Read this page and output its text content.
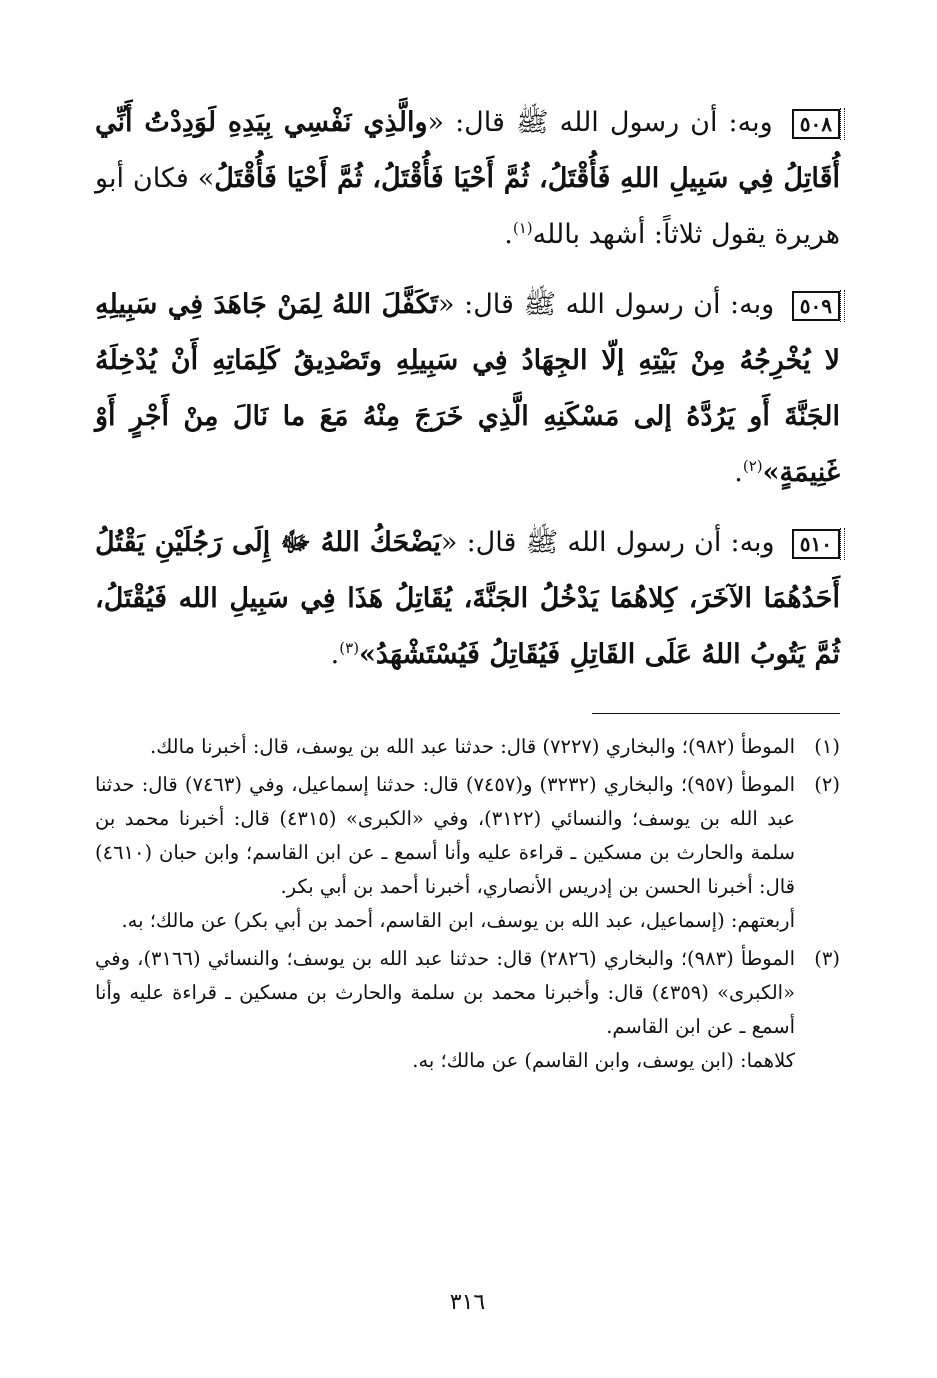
٥٠٨ وبه: أن رسول الله ﷺ قال: «والَّذِي نَفْسِي بِيَدِهِ لَوَدِدْتُ أَنِّي أُقَاتِلُ فِي سَبِيلِ اللهِ فَأُقْتَلُ، ثُمَّ أَحْيَا فَأُقْتَلُ، ثُمَّ أَحْيَا فَأُقْتَلُ» فكان أبو هريرة يقول ثلاثاً: أشهد بالله$^{(١)}$.

٥٠٩ وبه: أن رسول الله ﷺ قال: «تَكَفَّلَ اللهُ لِمَنْ جَاهَدَ فِي سَبِيلِهِ لا يُخْرِجُهُ مِنْ بَيْتِهِ إلّا الجِهَادُ فِي سَبِيلِهِ وتَصْدِيقُ كَلِمَاتِهِ أَنْ يُدْخِلَهُ الجَنَّةَ أَو يَرُدَّهُ إلى مَسْكَنِهِ الَّذِي خَرَجَ مِنْهُ مَعَ ما نَالَ مِنْ أَجْرٍ أَوْ غَنِيمَةٍ»$^{(٢)}$.

٥١٠ وبه: أن رسول الله ﷺ قال: «يَضْحَكُ اللهُ ﷻ إِلَى رَجُلَيْنِ يَقْتُلُ أَحَدُهُمَا الآخَرَ، كِلاهُمَا يَدْخُلُ الجَنَّةَ، يُقَاتِلُ هَذَا فِي سَبِيلِ الله فَيُقْتَلُ، ثُمَّ يَتُوبُ اللهُ عَلَى القَاتِلِ فَيُقَاتِلُ فَيُسْتَشْهَدُ»$^{(٣)}$.

(١)
الموطأ (٩٨٢)؛ والبخاري (٧٢٢٧) قال: حدثنا عبد الله بن يوسف، قال: أخبرنا مالك.
(٢)
الموطأ (٩٥٧)؛ والبخاري (٣٢٣٢) و(٧٤٥٧) قال: حدثنا إسماعيل، وفي (٧٤٦٣) قال: حدثنا عبد الله بن يوسف؛ والنسائي (٣١٢٢)، وفي «الكبرى» (٤٣١٥) قال: أخبرنا محمد بن سلمة والحارث بن مسكين ـ قراءة عليه وأنا أسمع ـ عن ابن القاسم؛ وابن حبان (٤٦١٠) قال: أخبرنا الحسن بن إدريس الأنصاري، أخبرنا أحمد بن أبي بكر.
أربعتهم: (إسماعيل، عبد الله بن يوسف، ابن القاسم، أحمد بن أبي بكر) عن مالك؛ به.
(٣)
الموطأ (٩٨٣)؛ والبخاري (٢٨٢٦) قال: حدثنا عبد الله بن يوسف؛ والنسائي (٣١٦٦)، وفي «الكبرى» (٤٣٥٩) قال: وأخبرنا محمد بن سلمة والحارث بن مسكين ـ قراءة عليه وأنا أسمع ـ عن ابن القاسم.
كلاهما: (ابن يوسف، وابن القاسم) عن مالك؛ به.
٣١٦
